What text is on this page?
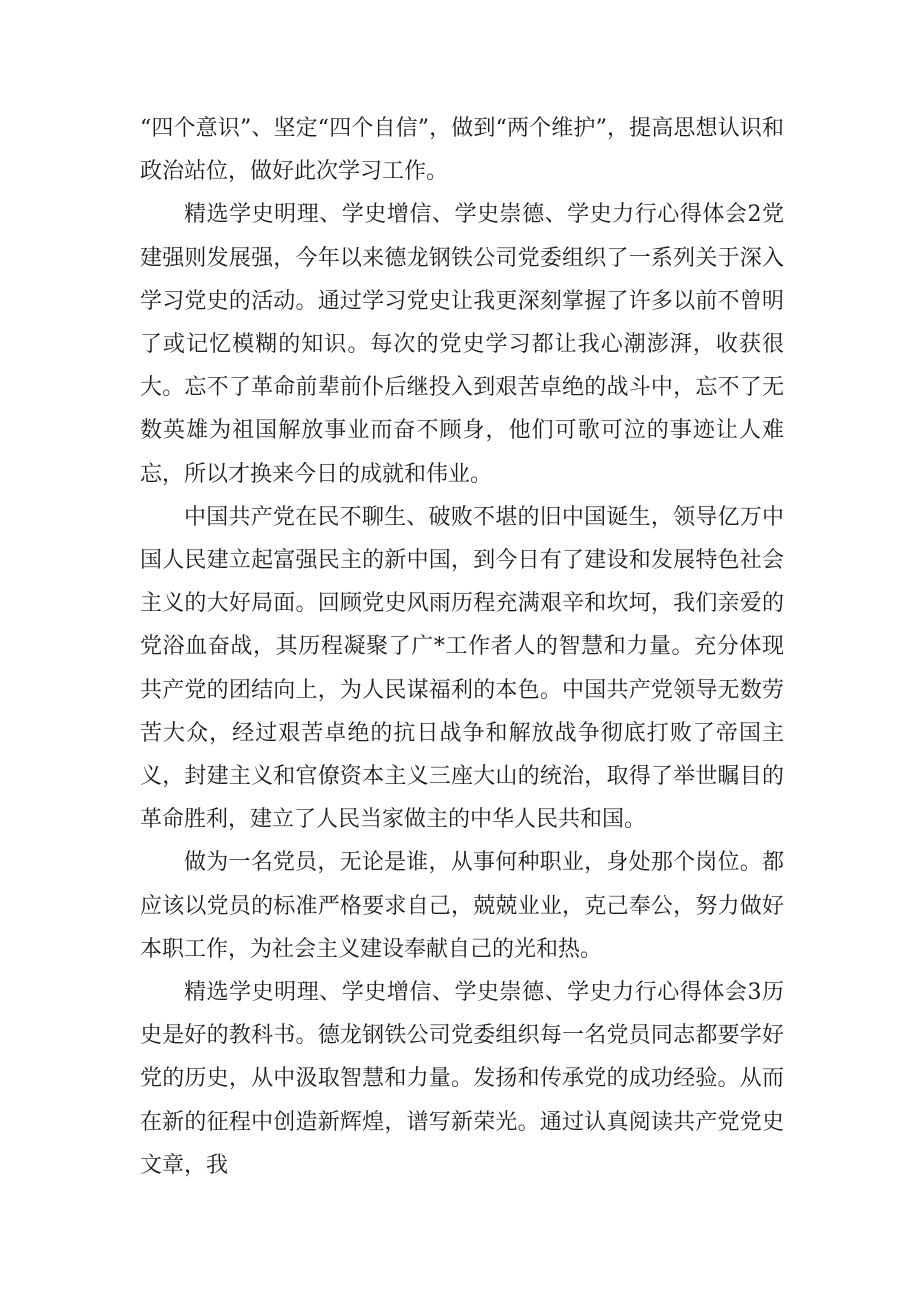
“四个意识”、坚定“四个自信”，做到“两个维护”，提高思想认识和政治站位，做好此次学习工作。

精选学史明理、学史增信、学史崇德、学史力行心得体会2党建强则发展强，今年以来德龙钢铁公司党委组织了一系列关于深入学习党史的活动。通过学习党史让我更深刻掌握了许多以前不曾明了或记忆模糊的知识。每次的党史学习都让我心潮澎湃，收获很大。忘不了革命前辈前仆后继投入到艰苦卓绝的战斗中，忘不了无数英雄为祖国解放事业而奋不顾身，他们可歌可泣的事迹让人难忘，所以才换来今日的成就和伟业。

中国共产党在民不聊生、破败不堪的旧中国诞生，领导亿万中国人民建立起富强民主的新中国，到今日有了建设和发展特色社会主义的大好局面。回顾党史风雨历程充满艰辛和坎坷，我们亲爱的党浴血奋战，其历程凝聚了广*工作者人的智慧和力量。充分体现共产党的团结向上，为人民谋福利的本色。中国共产党领导无数劳苦大众，经过艰苦卓绝的抗日战争和解放战争彻底打败了帝国主义，封建主义和官僚资本主义三座大山的统治，取得了举世瞩目的革命胜利，建立了人民当家做主的中华人民共和国。

做为一名党员，无论是谁，从事何种职业，身处那个岗位。都应该以党员的标准严格要求自己，兢兢业业，克己奉公，努力做好本职工作，为社会主义建设奉献自己的光和热。

精选学史明理、学史增信、学史崇德、学史力行心得体会3历史是好的教科书。德龙钢铁公司党委组织每一名党员同志都要学好党的历史，从中汲取智慧和力量。发扬和传承党的成功经验。从而在新的征程中创造新辉煌，谱写新荣光。通过认真阅读共产党党史文章，我
